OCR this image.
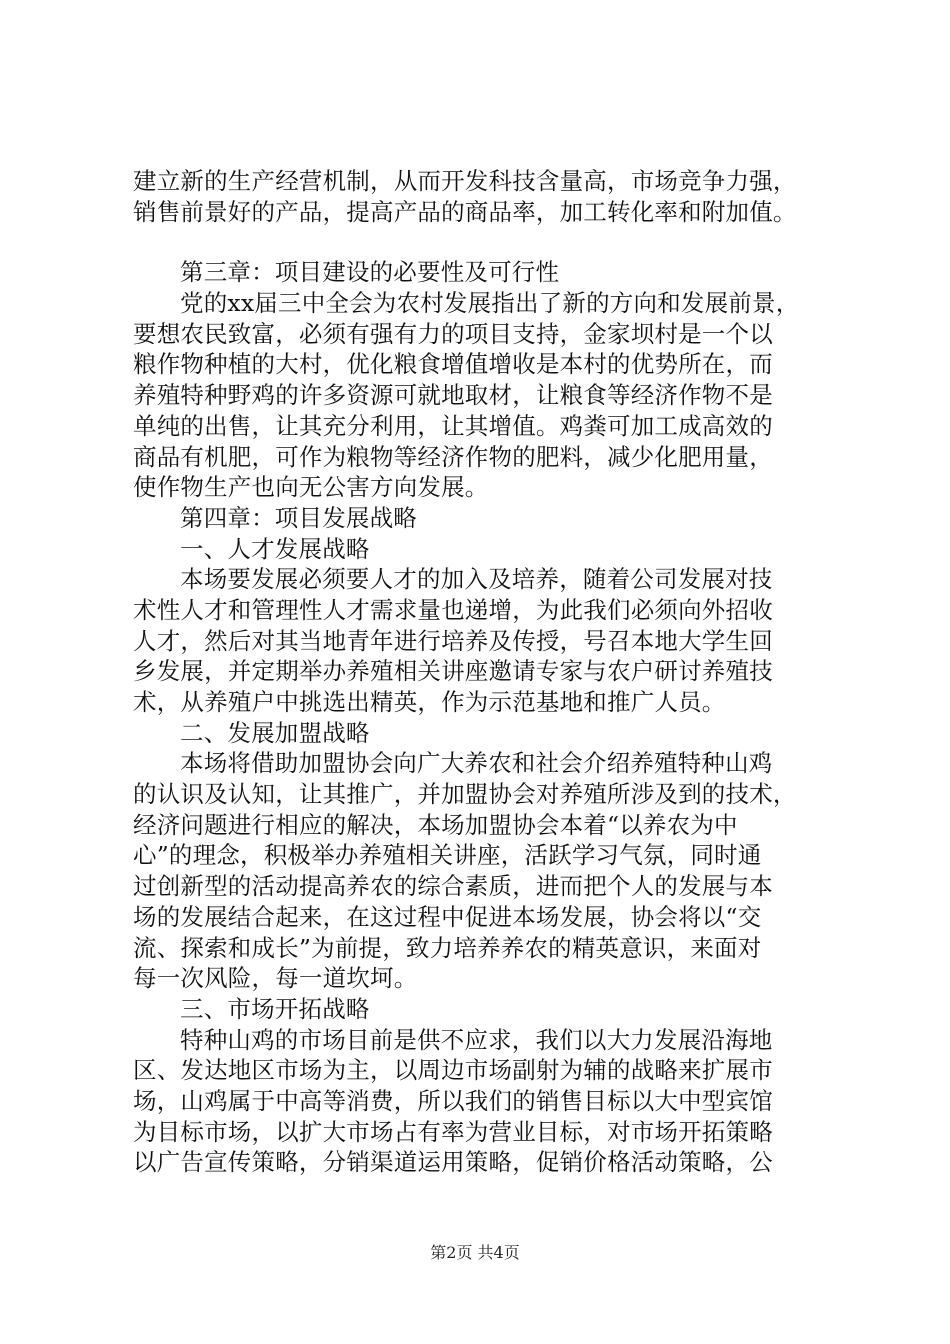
建立新的生产经营机制，从而开发科技含量高，市场竞争力强，
销售前景好的产品，提高产品的商品率，加工转化率和附加值。
第三章：项目建设的必要性及可行性
党的xx届三中全会为农村发展指出了新的方向和发展前景，
要想农民致富，必须有强有力的项目支持，金家坝村是一个以
粮作物种植的大村，优化粮食增值增收是本村的优势所在，而
养殖特种野鸡的许多资源可就地取材，让粮食等经济作物不是
单纯的出售，让其充分利用，让其增值。鸡粪可加工成高效的
商品有机肥，可作为粮物等经济作物的肥料，减少化肥用量，
使作物生产也向无公害方向发展。
第四章：项目发展战略
一、人才发展战略
本场要发展必须要人才的加入及培养，随着公司发展对技
术性人才和管理性人才需求量也递增，为此我们必须向外招收
人才，然后对其当地青年进行培养及传授，号召本地大学生回
乡发展，并定期举办养殖相关讲座邀请专家与农户研讨养殖技
术，从养殖户中挑选出精英，作为示范基地和推广人员。
二、发展加盟战略
本场将借助加盟协会向广大养农和社会介绍养殖特种山鸡
的认识及认知，让其推广，并加盟协会对养殖所涉及到的技术，
经济问题进行相应的解决，本场加盟协会本着“以养农为中
心”的理念，积极举办养殖相关讲座，活跃学习气氛，同时通
过创新型的活动提高养农的综合素质，进而把个人的发展与本
场的发展结合起来，在这过程中促进本场发展，协会将以“交
流、探索和成长”为前提，致力培养养农的精英意识，来面对
每一次风险，每一道坎坷。
三、市场开拓战略
特种山鸡的市场目前是供不应求，我们以大力发展沿海地
区、发达地区市场为主，以周边市场副射为辅的战略来扩展市
场，山鸡属于中高等消费，所以我们的销售目标以大中型宾馆
为目标市场，以扩大市场占有率为营业目标，对市场开拓策略
以广告宣传策略，分销渠道运用策略，促销价格活动策略，公
第2页 共4页
